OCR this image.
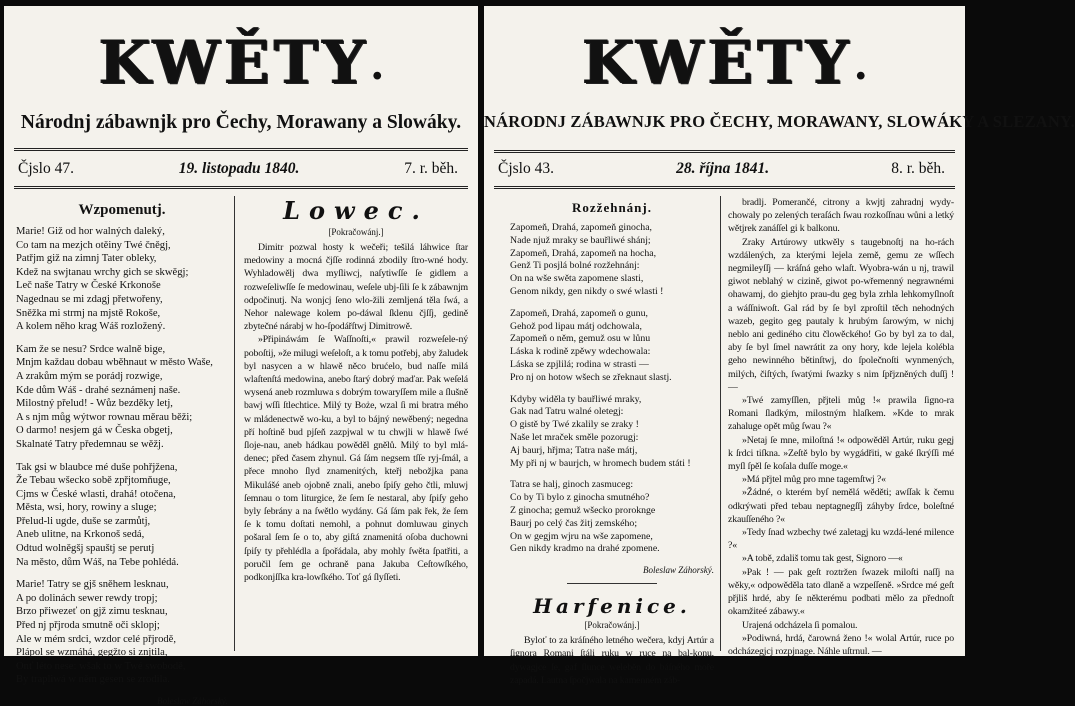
KWĚTY .
Národnj zábawnjk pro Čechy, Morawany a Slowáky.
Čjslo 47.	19. listopadu 1840.	7. r. běh.
Wzpomenutj.
Marie! Giž od hor walných daleký,
Co tam na mezjch otěiny Twé čněgj,
Patřjm giž na zimnj Tater oblekу,
Kdež na swjtanau wrchy gich se skwěgj;
Leč naše Tatry w České Krkonoše
Nagednau se mi zdagj přetwořeny,
Sněžka mi strmj na mjstě Rokoše,
A kolem něho krag Wáš rozložený.
Kam že se nesu? Srdce walně bige,
Mnjm každau dobau wběhnaut w město Waše,
A zrakům mým se porádj rozwige,
Kde dům Wáš - drahé seznámenj naše.
Milostný přelud! - Wůz bezděky letj,
A s njm můg wýtwor rownau měrau běži;
O darmo! nesjem gá w Česka obgetj,
Skalnaté Tatry předemnau se wěžj.
Tak gsi w blaubce mé duše pohřjžena,
Že Tebau wšecko sobě zpřjtomňuge,
Cjms w České wlasti, drahá! otočena,
Města, wsi, hory, rowiny a sluge;
Přelud-li ugde, duše se zarmůtj,
Aneb ulitne, na Krkonoš sedá,
Odtud wolněgšj spauštj se perutj
Na město, dům Wáš, na Tebe pohlédá.
Marie! Tatry se gjš sněhem lesknau,
A po dolinách sewer rewdy tropj;
Brzo přiwezeť on gjž zimu tesknau,
Před nj přjroda smutně oči sklopj;
Ale w mém srdci, wzdor celé přjrodě,
Plápol se wzmáhá, gegžto si znjtila,
Onť léto nese: wšak to w Twé swobodě,
By trapliwá w něm gesen se zrodila.
Boleslaw Záhorský.
Lowec.
[Pokračowánj.]

Dimitr pozwal hosty k wečeři; tešilá láhwice ſtar medowiny a mocná čjſſe rodinná zbodily ſtro-wné hody. Wyhladowělj dwa myſliwcj, naſytiwſſe ſe gidlem a rozweſeliwſſe ſe medowinau, weſele ubj-ſili ſe k zábawnjm odpočinutj. Na wonjcj ſeno wlo-žili zemljená těla ſwá, a Nehor nalewage kolem po-dáwal ſklenu čjſſj, gedině zbytečné nárabj w ho-ſpodářſtwj Dimitrowě.

»Připináwám ſe Waſſnoſti,« prawil rozweſele-ný poboſtij, »že milugi weſeloſt, a k tomu potřebj, aby žaludek byl nasycen a w hlawě něco brućelo, bud naſſe milá wlaſtenſtá medowina, anebo ſtarý dobrý maďar. Pak weſelá wysená aneb rozmluwa s dobrým towaryſſem mile a ſlušně bawj wſſi ſtlechtice. Milý ty Boże, wzal ſi mi bratra mého w mládenectwě wo-ku, a byl to bájný newěbený; negedna pří hoſtině bud pjſeň zazpjwal w tu chwjli w hlawě ſwé ſloje-nau, aneb hádkau powěděl gnělů. Milý to byl mlá-denec; před časem zhynul. Gá ſám negsem tſſe ryj-ſmál, a přece mnoho ſlyd znamenitých, kteřj nebožjka pana Mikulášé aneb ojobně znali, anebo ſpiſy geho čtli, mluwj ſemnau o tom liturgice, že ſem ſe nestaral, aby ſpiſy geho byly ſebrány a na ſwětlo wydány. Gá ſám pak řek, že ſem ſe k tomu doſtati nemohl, a pohnut domluwau ginych pošaral ſem ſe o to, aby giſtá znamenitá oſoba duchowni ſpiſy ty přehlédla a ſpořádala, aby mohly ſwěta ſpatřiti, a poručil ſem ge ochraně pana Jakuba Ceſtowſkého, podkonjſſka kra-lowſkého. Toť gá ſlyſſeti.

KWĚTY .
NÁRODNJ ZÁBAWNJK PRO ČECHY, MORAWANY, SLOWÁKY A SLEZANY.
Čjslo 43.	28. října 1841.	8. r. běh.
Rozžehnánj.
Zapomeň, Drahá, zapomeň ginocha,
Nade njuž mraky se bauřliwé shánj;
Zapomeň, Drahá, zapomeň na hocha,
Genž Ti posjlá bolné rozžehnánj:
On na wše swěta zapomene slasti,
Genom nikdy, gen nikdy o swé wlasti !
Zapomeň, Drahá, zapomeň o gunu,
Gehož pod lipau mátj odchowala,
Zapomeň o něm, gemuž osu w lůnu
Láska k rodině zpěwy wdechowala:
Láska se zpjlilá; rodina w strasti —
Pro nj on hotow wšech se zřeknaut slastj.
Kdyby widěla ty bauřliwé mraky,
Gak nad Tatru walné oletegj:
O gistě by Twé zkalily se zraky !
Naše let mraček směle pozorugj:
Aj baurj, hřjma; Tatra naše mátj,
My při nj w baurjch, w hromech budem státi !
Tatra se halj, ginoch zasmuceg:
Co by Ti bylo z ginocha smutného?
Z ginocha; gemuž wšecko proroknge
Baurj po celý čas žitj zemského;
On w gegjm wjru na wše zapomene,
Gen nikdy kradmo na drahé zpomene.
Boleslaw Záhorský.
Harfenice.
[Pokračowánj.]

Byloť to za kráſného letného wečera, kdyj Artúr a ſignora Romani ſtáli ruku w ruce na bal-konu, dywagjce ſe, gaf ſlunce weleběn do báſného moře zapadá. Lautna ſpočjwala na kamenném záb-

bradlj. Pomerančé, citrony a kwjtj zahradnj wydy-chowaly po zelených teraſách ſwau rozkoſſnau wůni a letký wětjrek zanáſſel gi k balkonu.

Zraky Artúrowy utkwěly s taugebnoſtj na ho-rách wzdálených, za kterými lejela země, gemu ze wſſech negmileyſſj — kráſná geho wlaſt. Wyobra-wán u nj, trawil giwot neblahý w cizině, giwot po-wřemenný negrawnémi ohawamj, do giehjto prau-du geg byla zrhla lehkomyſlnoſt a wáſſniwoſt. Gal rád by ſe byl zproſtil těch nehodných wazeb, gegito geg pautaly k hrubým ſarowým, w nichj neblo ani gediného citu člowěckého! Go by byl za to dal, aby ſe byl ſmel nawrátit za ony hory, kde lejela kolébla geho newinného bětinſtwj, do ſpolečnoſti wynmených, milých, čiſtých, ſwatými ſwazky s nim ſpřjzněných duſſj ! —

»Twé zamyſſlen, přjteli můg !« prawila ſigno-ra Romani ſladkým, milostným hlaſkem. »Kde to mrak zahaluge opět můg ſwau ?«

»Netaj ſe mne, miloſtná !« odpowěděl Artúr, ruku gegj k ſrdci tiſkna. »Zeſtě bylo by wygádřiti, w gaké ſkrýſſi mé myſl ſpěl ſe koſala duſſe moge.«

»Má přjtel můg pro mne tagemſtwj ?«

»Žádné, o kterém byſ nemělá wěděti; awſſak k čemu odkrýwati před tebau neptagnegſſj záhyby ſrdce, boleſtné zkauſſeného ?«

»Tedy ſnad wzbechy twé zaletagj ku wzdá-lené milence ?«

»A tobě, zdališ tomu tak gest, Signoro —«

»Pak ! — pak geſt roztržen ſwazek miloſti naſſj na wěky,« odpowěděla tato dlaně a wzpeſſeně. »Srdce mé geſt přjliš hrdé, aby ſe některému podbati mělo za přednoſt okamžiteé zábawy.«

Urajená odcházela ſi pomalou.

»Podiwná, hrdá, čarowná ženo !« wolal Artúr, ruce po odcházegjcj rozpjnage. Náhle uſtrnul. —
